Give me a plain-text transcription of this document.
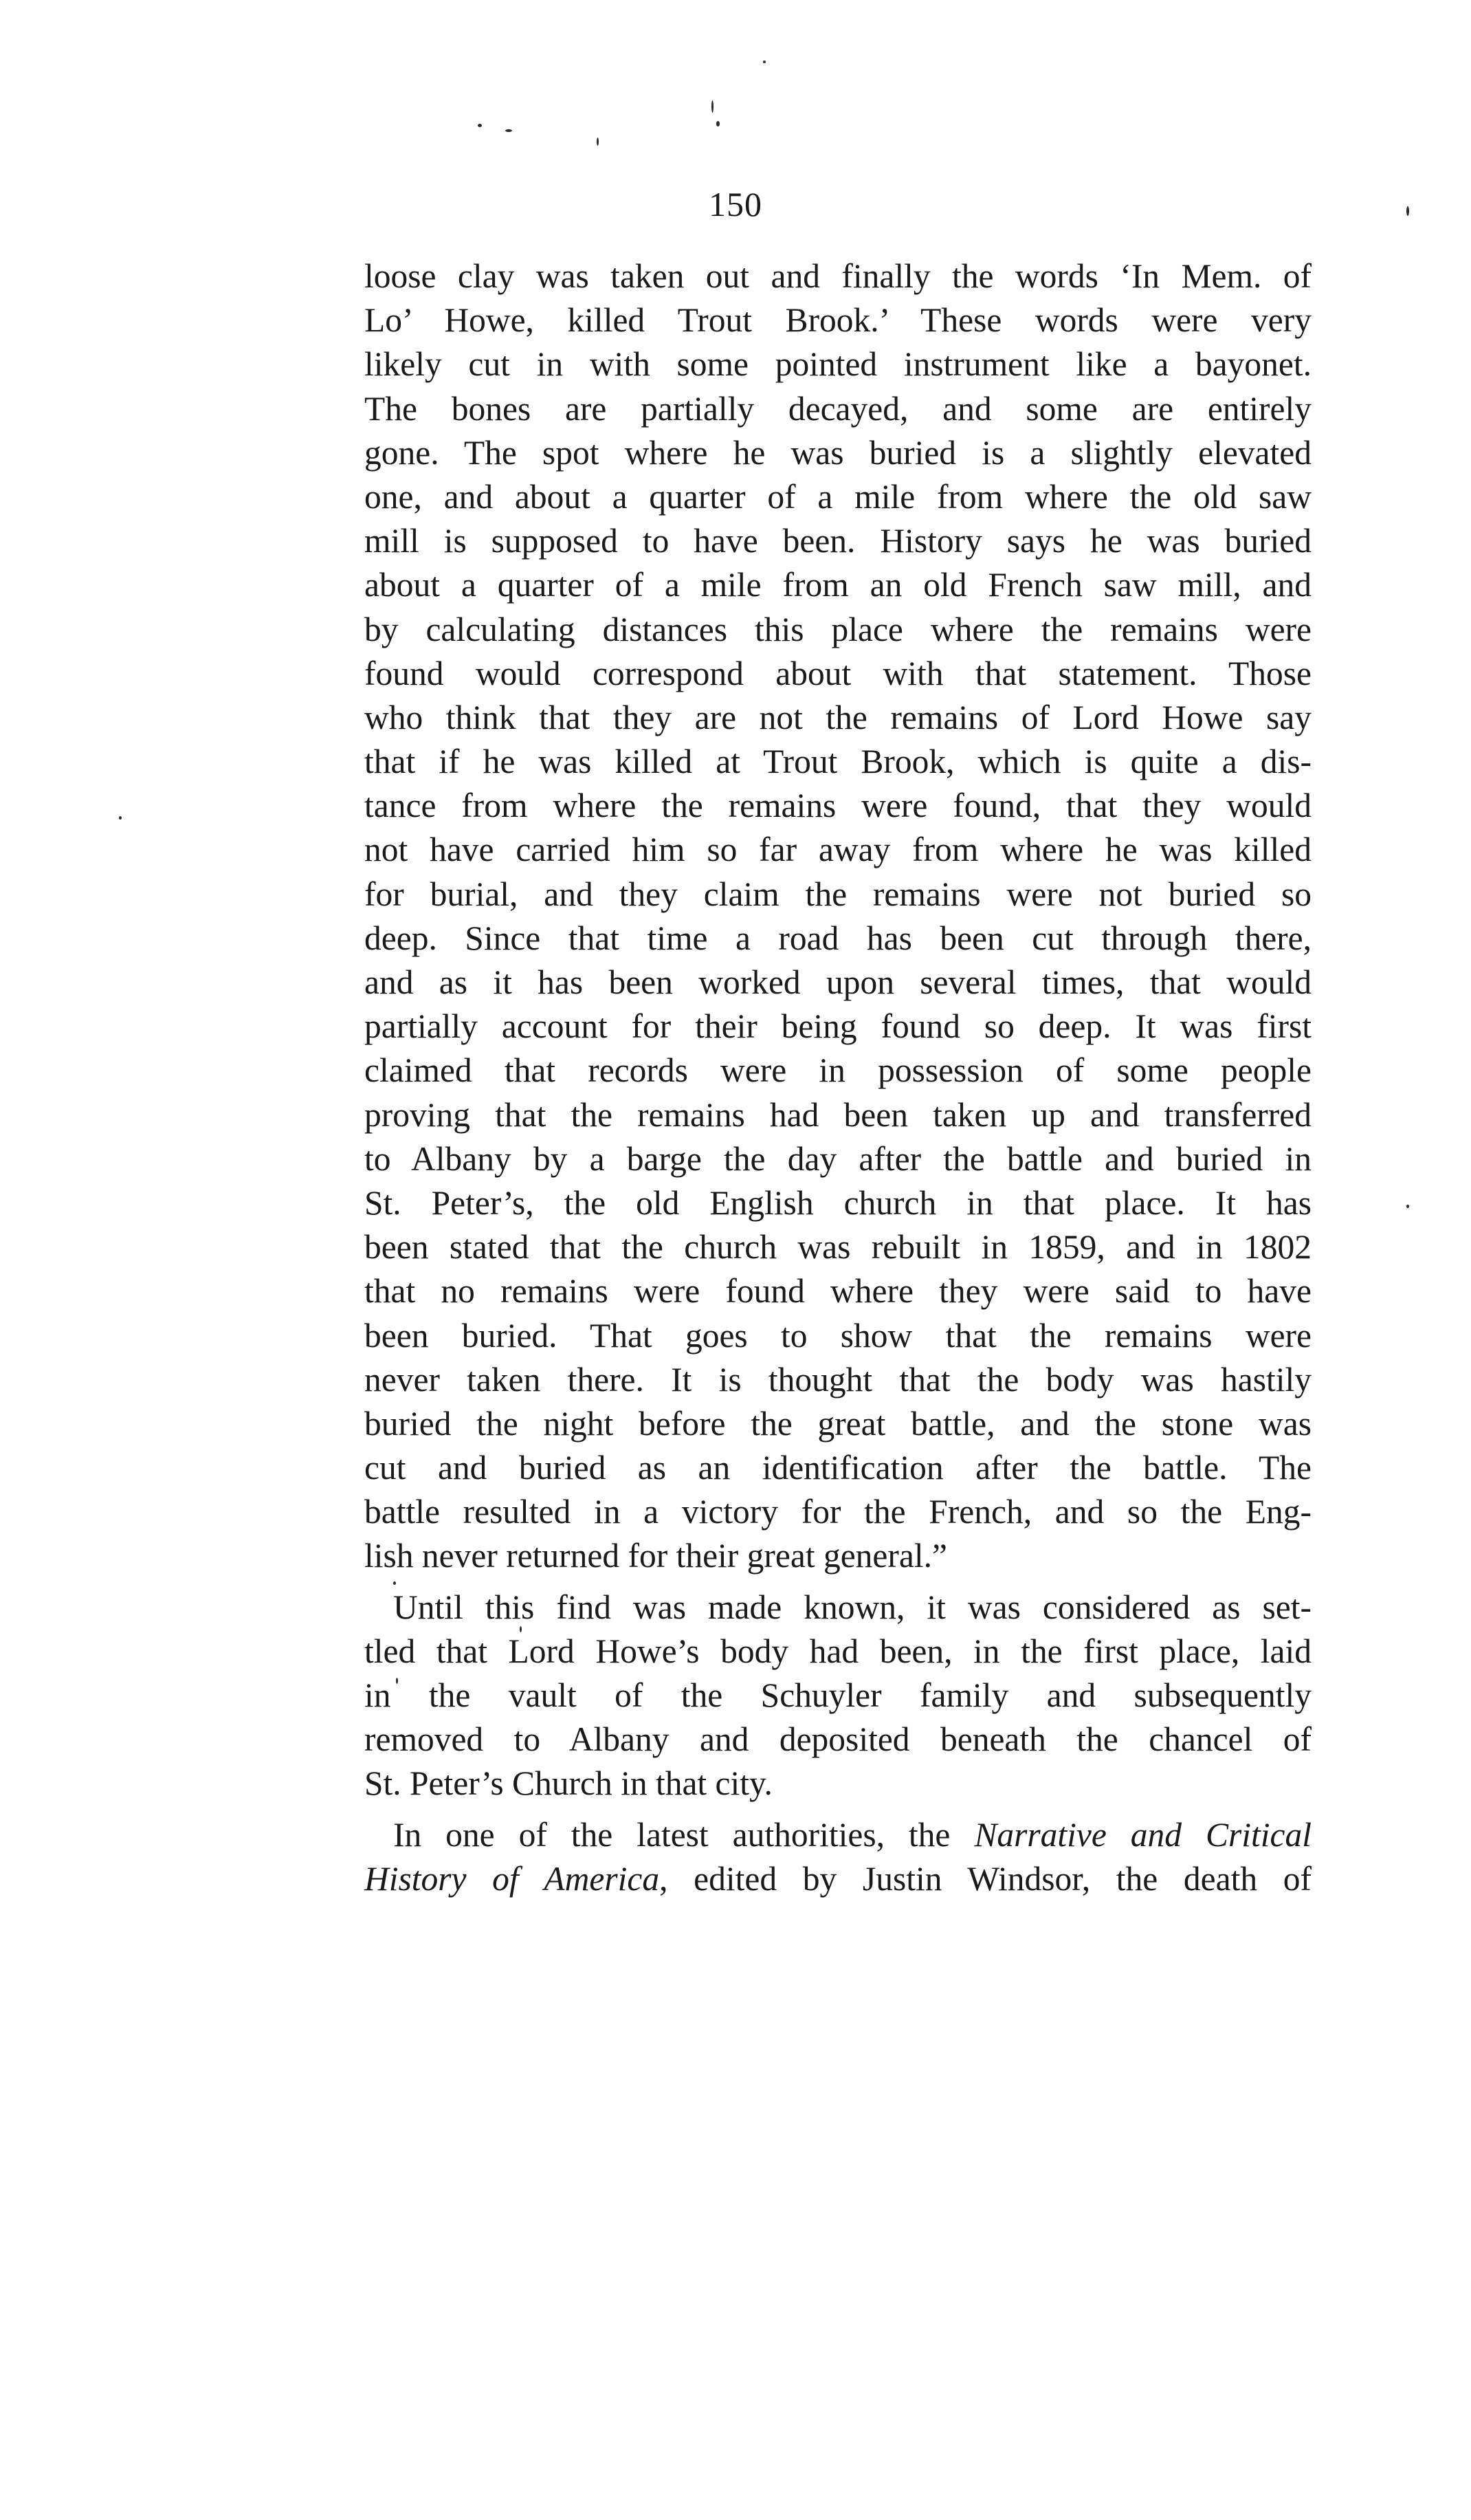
150
loose clay was taken out and finally the words ‘In Mem. of
Lo’ Howe, killed Trout Brook.’ These words were very
likely cut in with some pointed instrument like a bayonet.
The bones are partially decayed, and some are entirely
gone. The spot where he was buried is a slightly elevated
one, and about a quarter of a mile from where the old saw
mill is supposed to have been. History says he was buried
about a quarter of a mile from an old French saw mill, and
by calculating distances this place where the remains were
found would correspond about with that statement. Those
who think that they are not the remains of Lord Howe say
that if he was killed at Trout Brook, which is quite a dis-
tance from where the remains were found, that they would
not have carried him so far away from where he was killed
for burial, and they claim the remains were not buried so
deep. Since that time a road has been cut through there,
and as it has been worked upon several times, that would
partially account for their being found so deep. It was first
claimed that records were in possession of some people
proving that the remains had been taken up and transferred
to Albany by a barge the day after the battle and buried in
St. Peter’s, the old English church in that place. It has
been stated that the church was rebuilt in 1859, and in 1802
that no remains were found where they were said to have
been buried. That goes to show that the remains were
never taken there. It is thought that the body was hastily
buried the night before the great battle, and the stone was
cut and buried as an identification after the battle. The
battle resulted in a victory for the French, and so the Eng-
lish never returned for their great general.”
Until this find was made known, it was considered as set-
tled that Lord Howe’s body had been, in the first place, laid
in the vault of the Schuyler family and subsequently
removed to Albany and deposited beneath the chancel of
St. Peter’s Church in that city.
In one of the latest authorities, the Narrative and Critical
History of America, edited by Justin Windsor, the death of
